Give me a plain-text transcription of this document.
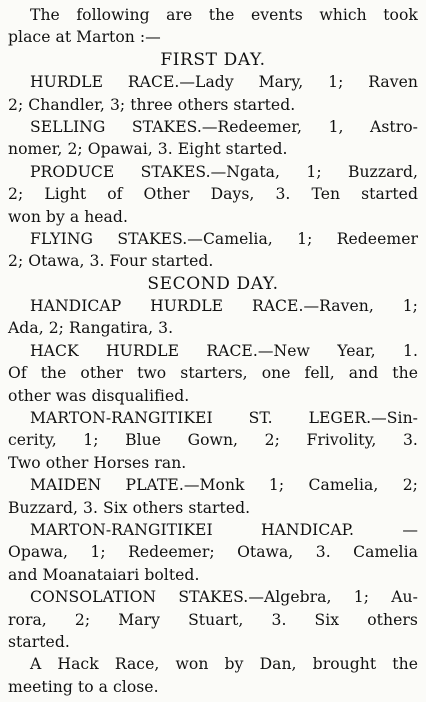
The following are the events which took
place at Marton :—
FIRST DAY.
HURDLE RACE.—Lady Mary, 1; Raven
2; Chandler, 3; three others started.
SELLING STAKES.—Redeemer, 1, Astro-
nomer, 2; Opawai, 3. Eight started.
PRODUCE STAKES.—Ngata, 1; Buzzard,
2; Light of Other Days, 3. Ten started
won by a head.
FLYING STAKES.—Camelia, 1; Redeemer
2; Otawa, 3. Four started.
SECOND DAY.
HANDICAP HURDLE RACE.—Raven, 1;
Ada, 2; Rangatira, 3.
HACK HURDLE RACE.—New Year, 1.
Of the other two starters, one fell, and the
other was disqualified.
MARTON-RANGITIKEI ST. LEGER.—Sin-
cerity, 1; Blue Gown, 2; Frivolity, 3.
Two other Horses ran.
MAIDEN PLATE.—Monk 1; Camelia, 2;
Buzzard, 3. Six others started.
MARTON-RANGITIKEI	HANDICAP.	—
Opawa, 1; Redeemer; Otawa, 3. Camelia
and Moanataiari bolted.
CONSOLATION STAKES.—Algebra, 1; Au-
rora, 2; Mary Stuart, 3. Six others
started.
A Hack Race, won by Dan, brought the
meeting to a close.
